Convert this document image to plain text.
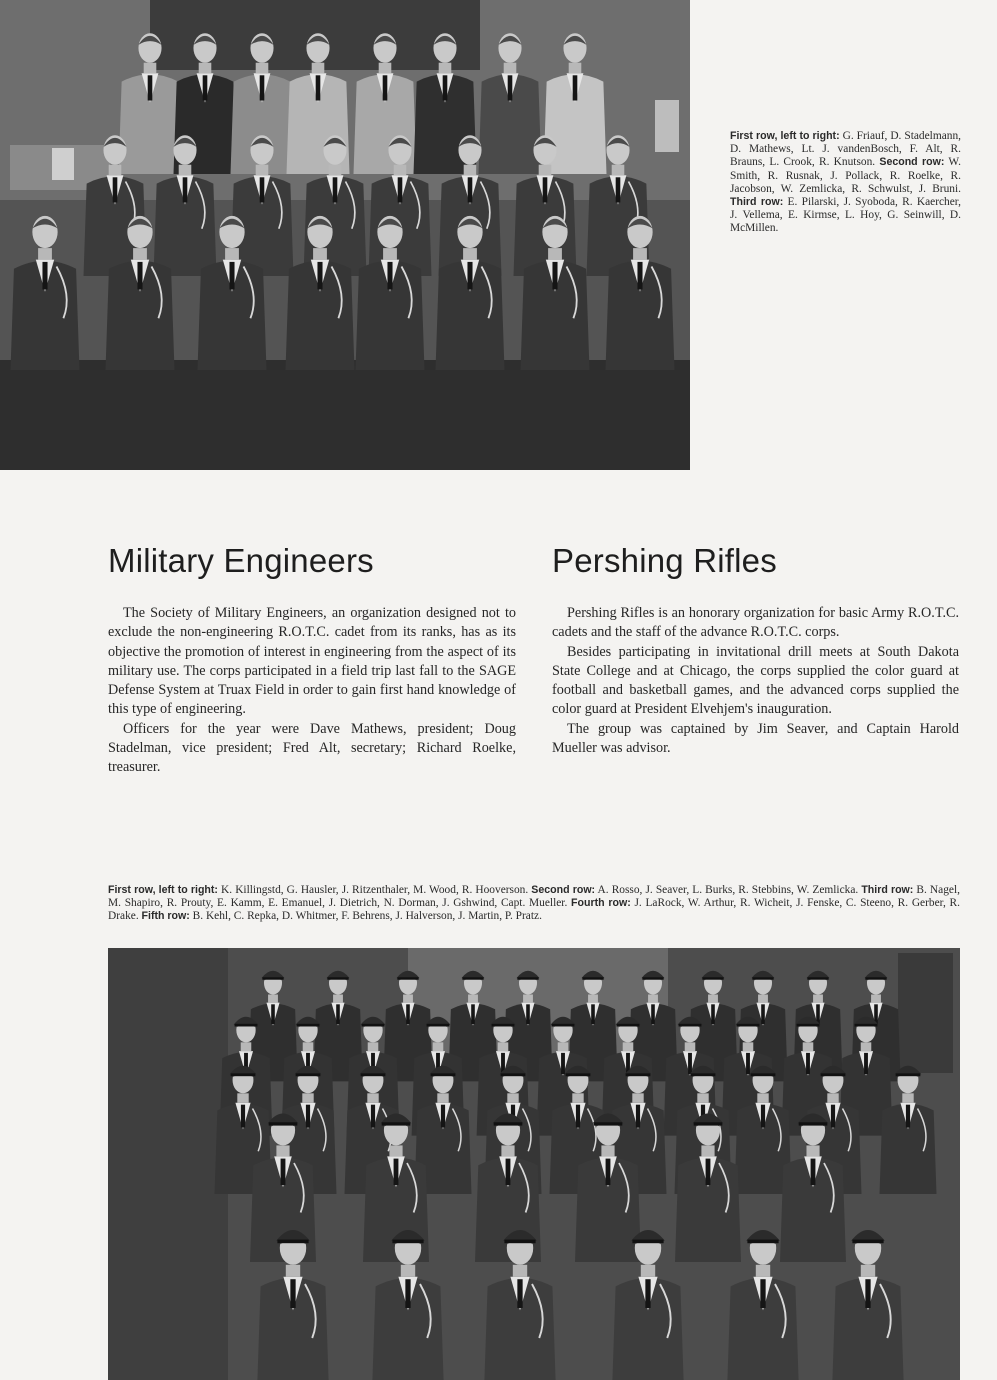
First row, left to right: G. Friauf, D. Stadelmann, D. Mathews, Lt. J. vandenBosch, F. Alt, R. Brauns, L. Crook, R. Knutson. Second row: W. Smith, R. Rusnak, J. Pollack, R. Roelke, R. Jacobson, W. Zemlicka, R. Schwulst, J. Bruni. Third row: E. Pilarski, J. Syoboda, R. Kaercher, J. Vellema, E. Kirmse, L. Hoy, G. Seinwill, D. McMillen.
Military Engineers	Pershing Rifles

The Society of Military Engineers, an organization designed not to exclude the non-engineering R.O.T.C. cadet from its ranks, has as its objective the promotion of interest in engineering from the aspect of its military use. The corps participated in a field trip last fall to the SAGE Defense System at Truax Field in order to gain first hand knowledge of this type of engineering.

Officers for the year were Dave Mathews, president; Doug Stadelman, vice president; Fred Alt, secretary; Richard Roelke, treasurer.

Pershing Rifles is an honorary organization for basic Army R.O.T.C. cadets and the staff of the advance R.O.T.C. corps.

Besides participating in invitational drill meets at South Dakota State College and at Chicago, the corps supplied the color guard at football and basketball games, and the advanced corps supplied the color guard at President Elvehjem's inauguration.

The group was captained by Jim Seaver, and Captain Harold Mueller was advisor.

First row, left to right: K. Killingstd, G. Hausler, J. Ritzenthaler, M. Wood, R. Hooverson. Second row: A. Rosso, J. Seaver, L. Burks, R. Stebbins, W. Zemlicka. Third row: B. Nagel, M. Shapiro, R. Prouty, E. Kamm, E. Emanuel, J. Dietrich, N. Dorman, J. Gshwind, Capt. Mueller. Fourth row: J. LaRock, W. Arthur, R. Wicheit, J. Fenske, C. Steeno, R. Gerber, R. Drake. Fifth row: B. Kehl, C. Repka, D. Whitmer, F. Behrens, J. Halverson, J. Martin, P. Pratz.
